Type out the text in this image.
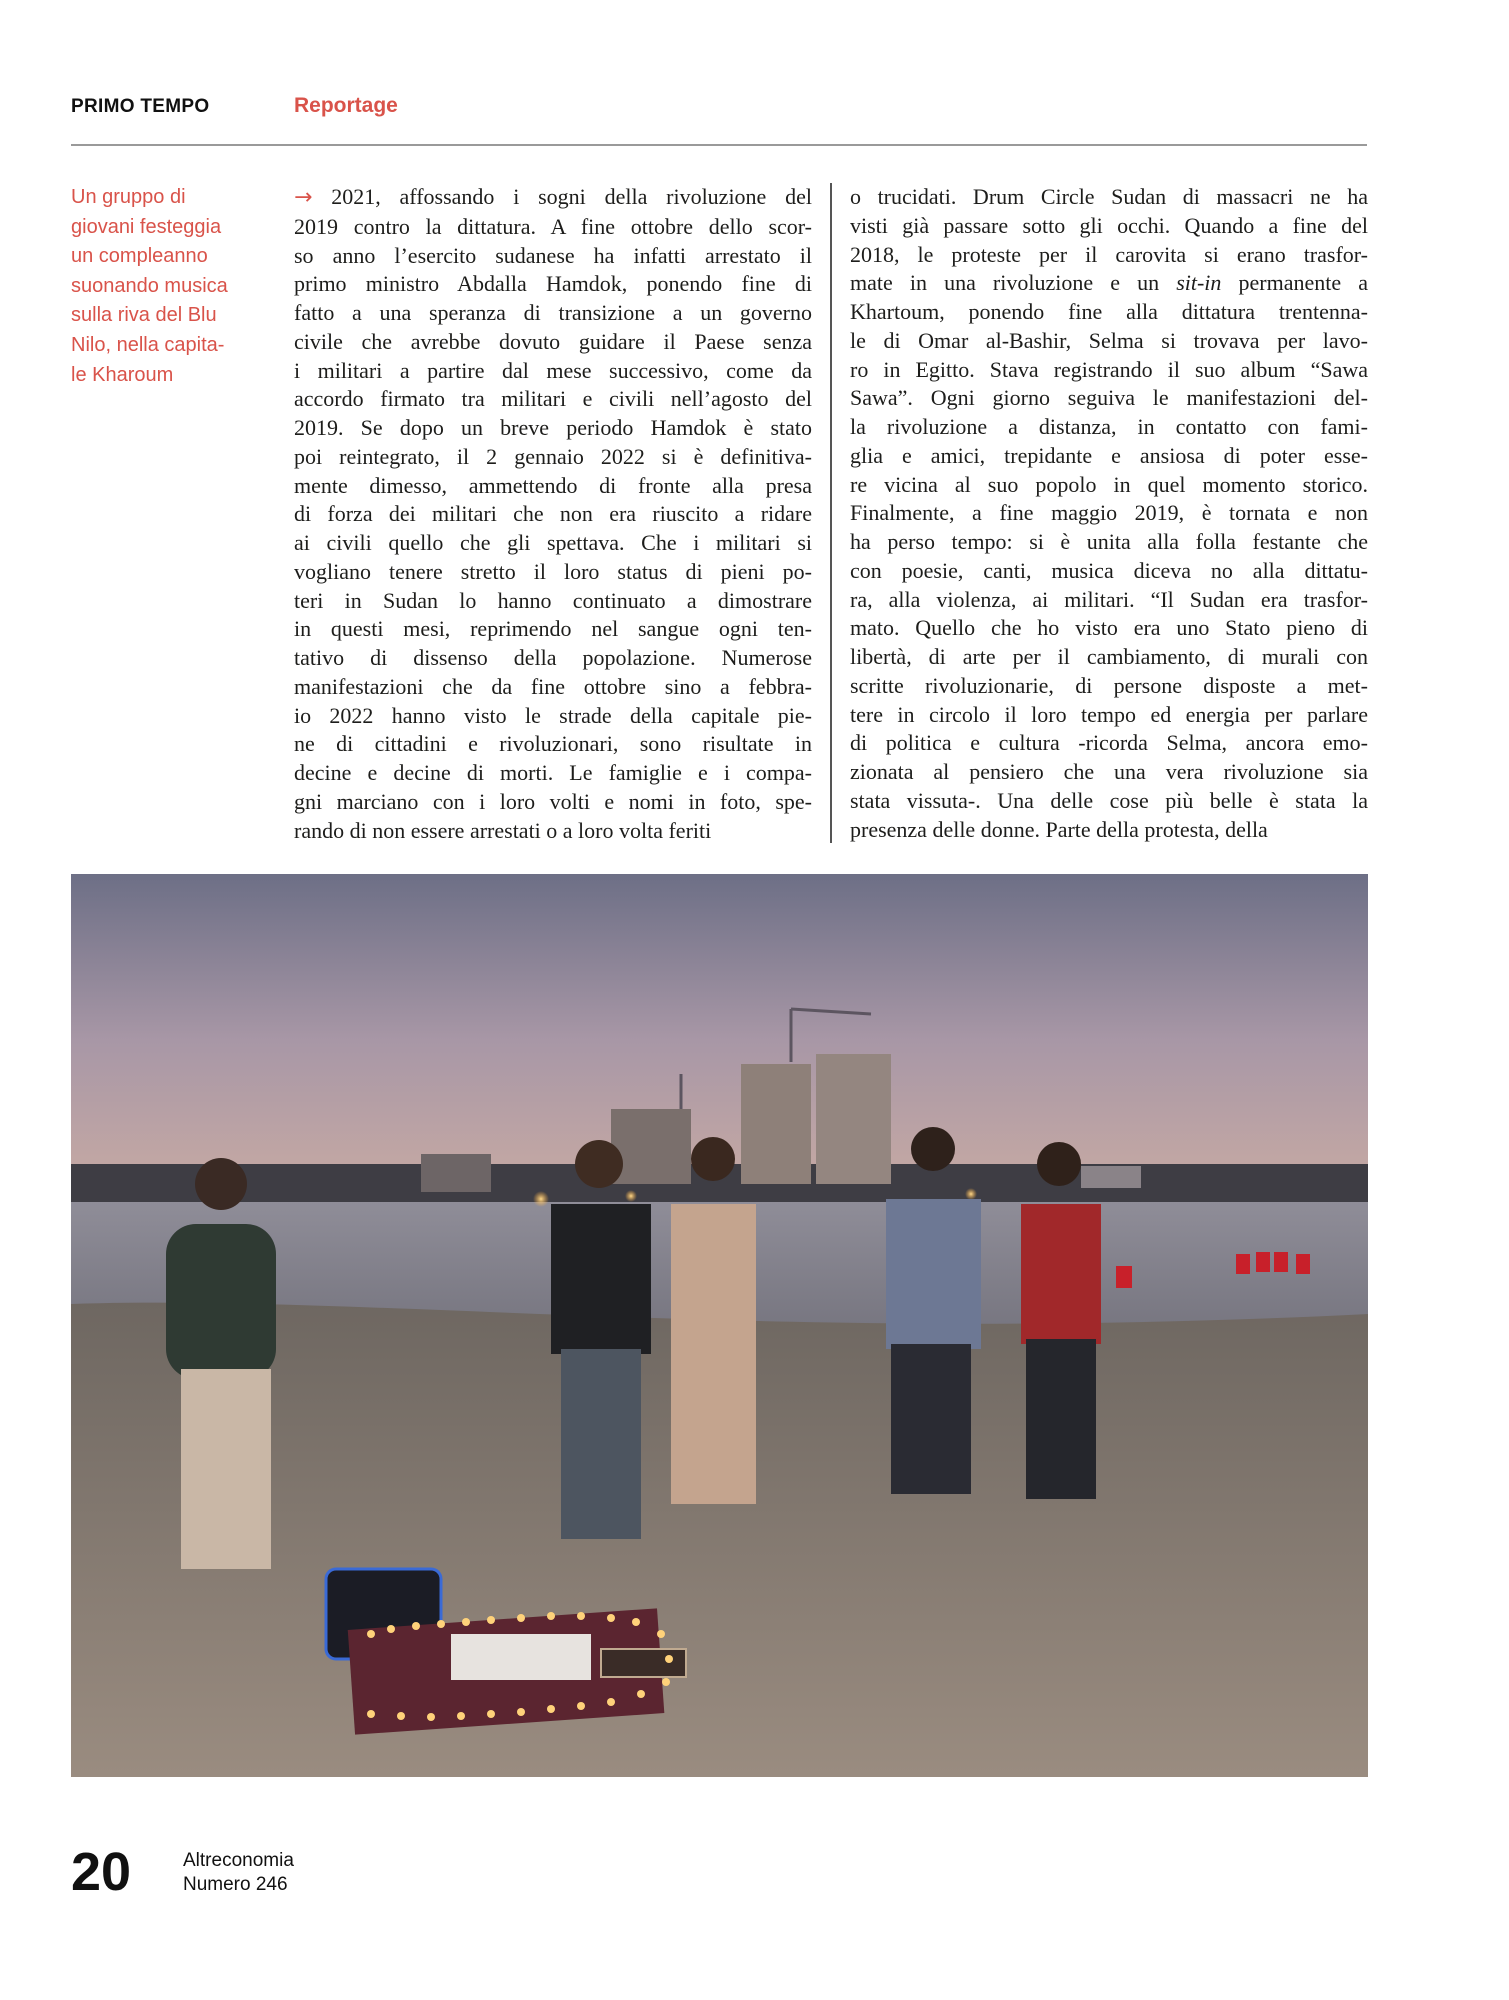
PRIMO TEMPO	Reportage
Un gruppo di
giovani festeggia
un compleanno
suonando musica
sulla riva del Blu
Nilo, nella capita-
le Kharoum
→ 2021, affossando i sogni della rivoluzione del
2019 contro la dittatura. A fine ottobre dello scor-
so anno l’esercito sudanese ha infatti arrestato il
primo ministro Abdalla Hamdok, ponendo fine di
fatto a una speranza di transizione a un governo
civile che avrebbe dovuto guidare il Paese senza
i militari a partire dal mese successivo, come da
accordo firmato tra militari e civili nell’agosto del
2019. Se dopo un breve periodo Hamdok è stato
poi reintegrato, il 2 gennaio 2022 si è definitiva-
mente dimesso, ammettendo di fronte alla presa
di forza dei militari che non era riuscito a ridare
ai civili quello che gli spettava. Che i militari si
vogliano tenere stretto il loro status di pieni po-
teri in Sudan lo hanno continuato a dimostrare
in questi mesi, reprimendo nel sangue ogni ten-
tativo di dissenso della popolazione. Numerose
manifestazioni che da fine ottobre sino a febbra-
io 2022 hanno visto le strade della capitale pie-
ne di cittadini e rivoluzionari, sono risultate in
decine e decine di morti. Le famiglie e i compa-
gni marciano con i loro volti e nomi in foto, spe-
rando di non essere arrestati o a loro volta feriti
o trucidati. Drum Circle Sudan di massacri ne ha
visti già passare sotto gli occhi. Quando a fine del
2018, le proteste per il carovita si erano trasfor-
mate in una rivoluzione e un sit-in permanente a
Khartoum, ponendo fine alla dittatura trentenna-
le di Omar al-Bashir, Selma si trovava per lavo-
ro in Egitto. Stava registrando il suo album “Sawa
Sawa”. Ogni giorno seguiva le manifestazioni del-
la rivoluzione a distanza, in contatto con fami-
glia e amici, trepidante e ansiosa di poter esse-
re vicina al suo popolo in quel momento storico.
Finalmente, a fine maggio 2019, è tornata e non
ha perso tempo: si è unita alla folla festante che
con poesie, canti, musica diceva no alla dittatu-
ra, alla violenza, ai militari. “Il Sudan era trasfor-
mato. Quello che ho visto era uno Stato pieno di
libertà, di arte per il cambiamento, di murali con
scritte rivoluzionarie, di persone disposte a met-
tere in circolo il loro tempo ed energia per parlare
di politica e cultura -ricorda Selma, ancora emo-
zionata al pensiero che una vera rivoluzione sia
stata vissuta-. Una delle cose più belle è stata la
presenza delle donne. Parte della protesta, della
20	Altreconomia
Numero 246
